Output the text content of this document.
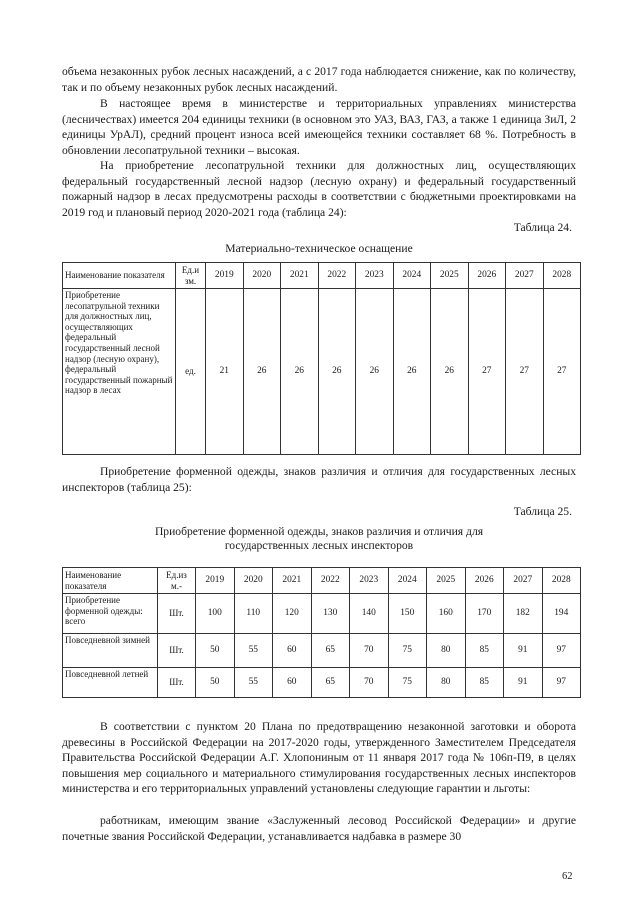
объема незаконных рубок лесных насаждений, а с 2017 года наблюдается снижение, как по количеству, так и по объему незаконных рубок лесных насаждений.

В настоящее время в министерстве и территориальных управлениях министерства (лесничествах) имеется 204 единицы техники (в основном это УАЗ, ВАЗ, ГАЗ, а также 1 единица ЗиЛ, 2 единицы УрАЛ), средний процент износа всей имеющейся техники составляет 68 %. Потребность в обновлении лесопатрульной техники – высокая.

На приобретение лесопатрульной техники для должностных лиц, осуществляющих федеральный государственный лесной надзор (лесную охрану) и федеральный государственный пожарный надзор в лесах предусмотрены расходы в соответствии с бюджетными проектировками на 2019 год и плановый период 2020-2021 года (таблица 24):

Таблица 24.
Материально-техническое оснащение
Наименование показателя	Ед.и зм.	2019	2020	2021	2022	2023	2024	2025	2026	2027	2028
Приобретение лесопатрульной техники для должностных лиц, осуществляющих федеральный государственный лесной надзор (лесную охрану), федеральный государственный пожарный надзор в лесах	ед.	21	26	26	26	26	26	26	27	27	27

Приобретение форменной одежды, знаков различия и отличия для государственных лесных инспекторов (таблица 25):

Таблица 25.
Приобретение форменной одежды, знаков различия и отличия для государственных лесных инспекторов
Наименование показателя	Ед.из м.-	2019	2020	2021	2022	2023	2024	2025	2026	2027	2028
Приобретение форменной одежды: всего	Шт.	100	110	120	130	140	150	160	170	182	194
Повседневной зимней	Шт.	50	55	60	65	70	75	80	85	91	97
Повседневной летней	Шт.	50	55	60	65	70	75	80	85	91	97

В соответствии с пунктом 20 Плана по предотвращению незаконной заготовки и оборота древесины в Российской Федерации на 2017-2020 годы, утвержденного Заместителем Председателя Правительства Российской Федерации А.Г. Хлопониным от 11 января 2017 года № 106п-П9, в целях повышения мер социального и материального стимулирования государственных лесных инспекторов министерства и его территориальных управлений установлены следующие гарантии и льготы:

работникам, имеющим звание «Заслуженный лесовод Российской Федерации» и другие почетные звания Российской Федерации, устанавливается надбавка в размере 30

62
